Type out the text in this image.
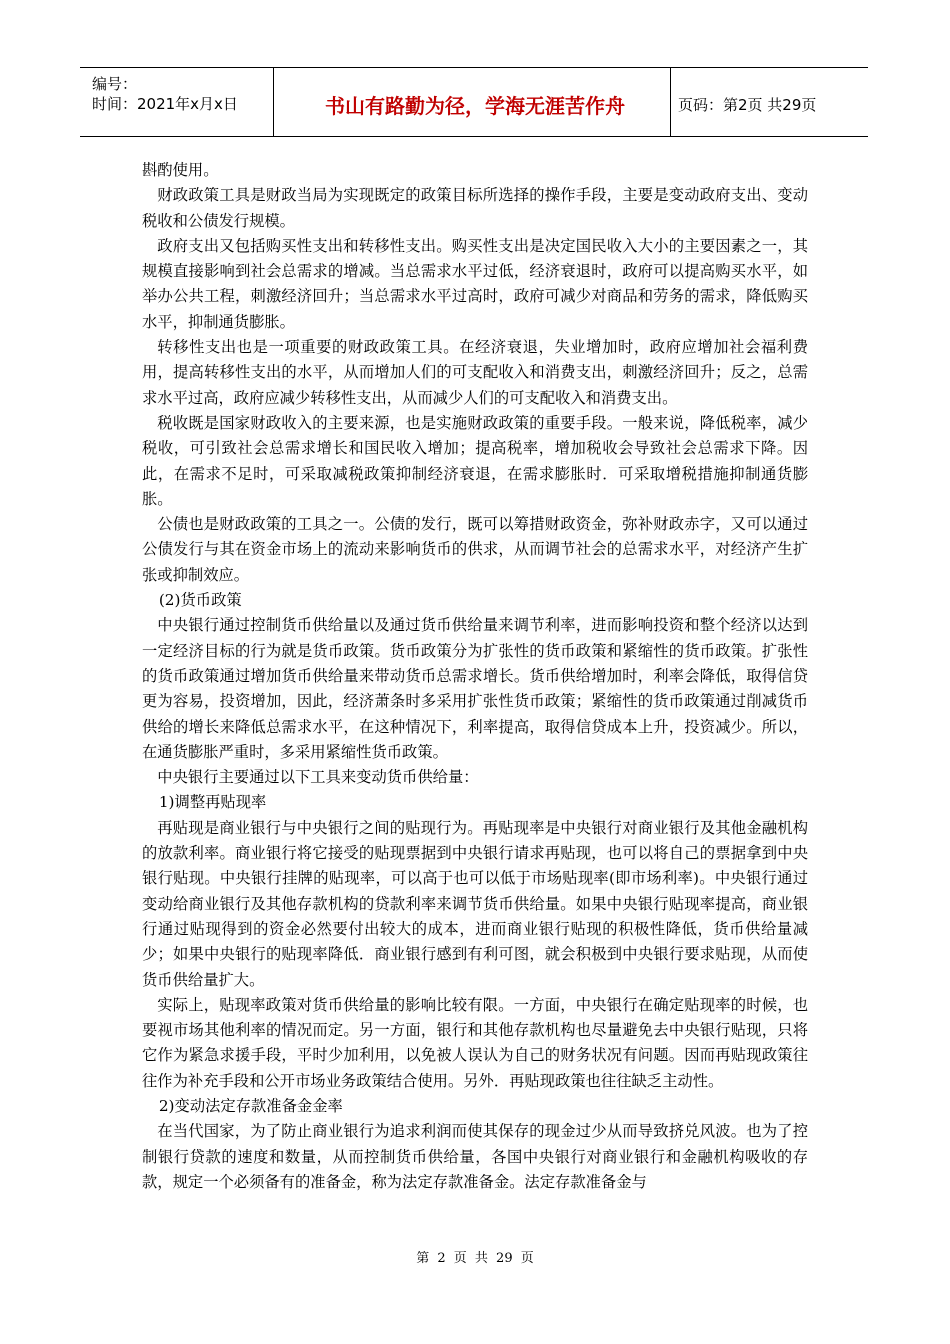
编号：
时间：2021年x月x日	书山有路勤为径，学海无涯苦作舟	页码：第2页 共29页

斟酌使用。

财政政策工具是财政当局为实现既定的政策目标所选择的操作手段，主要是变动政府支出、变动税收和公债发行规模。

政府支出又包括购买性支出和转移性支出。购买性支出是决定国民收入大小的主要因素之一，其规模直接影响到社会总需求的增减。当总需求水平过低，经济衰退时，政府可以提高购买水平，如举办公共工程，刺激经济回升；当总需求水平过高时，政府可减少对商品和劳务的需求，降低购买水平，抑制通货膨胀。

转移性支出也是一项重要的财政政策工具。在经济衰退，失业增加时，政府应增加社会福利费用，提高转移性支出的水平，从而增加人们的可支配收入和消费支出，刺激经济回升；反之，总需求水平过高，政府应减少转移性支出，从而减少人们的可支配收入和消费支出。

税收既是国家财政收入的主要来源，也是实施财政政策的重要手段。一般来说，降低税率，减少税收，可引致社会总需求增长和国民收入增加；提高税率，增加税收会导致社会总需求下降。因此，在需求不足时，可采取减税政策抑制经济衰退，在需求膨胀时．可采取增税措施抑制通货膨胀。

公债也是财政政策的工具之一。公债的发行，既可以筹措财政资金，弥补财政赤字，又可以通过公债发行与其在资金市场上的流动来影响货币的供求，从而调节社会的总需求水平，对经济产生扩张或抑制效应。

(2)货币政策

中央银行通过控制货币供给量以及通过货币供给量来调节利率，进而影响投资和整个经济以达到一定经济目标的行为就是货币政策。货币政策分为扩张性的货币政策和紧缩性的货币政策。扩张性的货币政策通过增加货币供给量来带动货币总需求增长。货币供给增加时，利率会降低，取得信贷更为容易，投资增加，因此，经济萧条时多采用扩张性货币政策；紧缩性的货币政策通过削减货币供给的增长来降低总需求水平，在这种情况下，利率提高，取得信贷成本上升，投资减少。所以，在通货膨胀严重时，多采用紧缩性货币政策。

中央银行主要通过以下工具来变动货币供给量：

1)调整再贴现率

再贴现是商业银行与中央银行之间的贴现行为。再贴现率是中央银行对商业银行及其他金融机构的放款利率。商业银行将它接受的贴现票据到中央银行请求再贴现，也可以将自己的票据拿到中央银行贴现。中央银行挂牌的贴现率，可以高于也可以低于市场贴现率(即市场利率)。中央银行通过变动给商业银行及其他存款机构的贷款利率来调节货币供给量。如果中央银行贴现率提高，商业银行通过贴现得到的资金必然要付出较大的成本，进而商业银行贴现的积极性降低，货币供给量减少；如果中央银行的贴现率降低．商业银行感到有利可图，就会积极到中央银行要求贴现，从而使货币供给量扩大。

实际上，贴现率政策对货币供给量的影响比较有限。一方面，中央银行在确定贴现率的时候，也要视市场其他利率的情况而定。另一方面，银行和其他存款机构也尽量避免去中央银行贴现，只将它作为紧急求援手段，平时少加利用，以免被人误认为自己的财务状况有问题。因而再贴现政策往往作为补充手段和公开市场业务政策结合使用。另外．再贴现政策也往往缺乏主动性。

2)变动法定存款准备金金率

在当代国家，为了防止商业银行为追求利润而使其保存的现金过少从而导致挤兑风波。也为了控制银行贷款的速度和数量，从而控制货币供给量，各国中央银行对商业银行和金融机构吸收的存款，规定一个必须备有的准备金，称为法定存款准备金。法定存款准备金与

第 2 页 共 29 页
